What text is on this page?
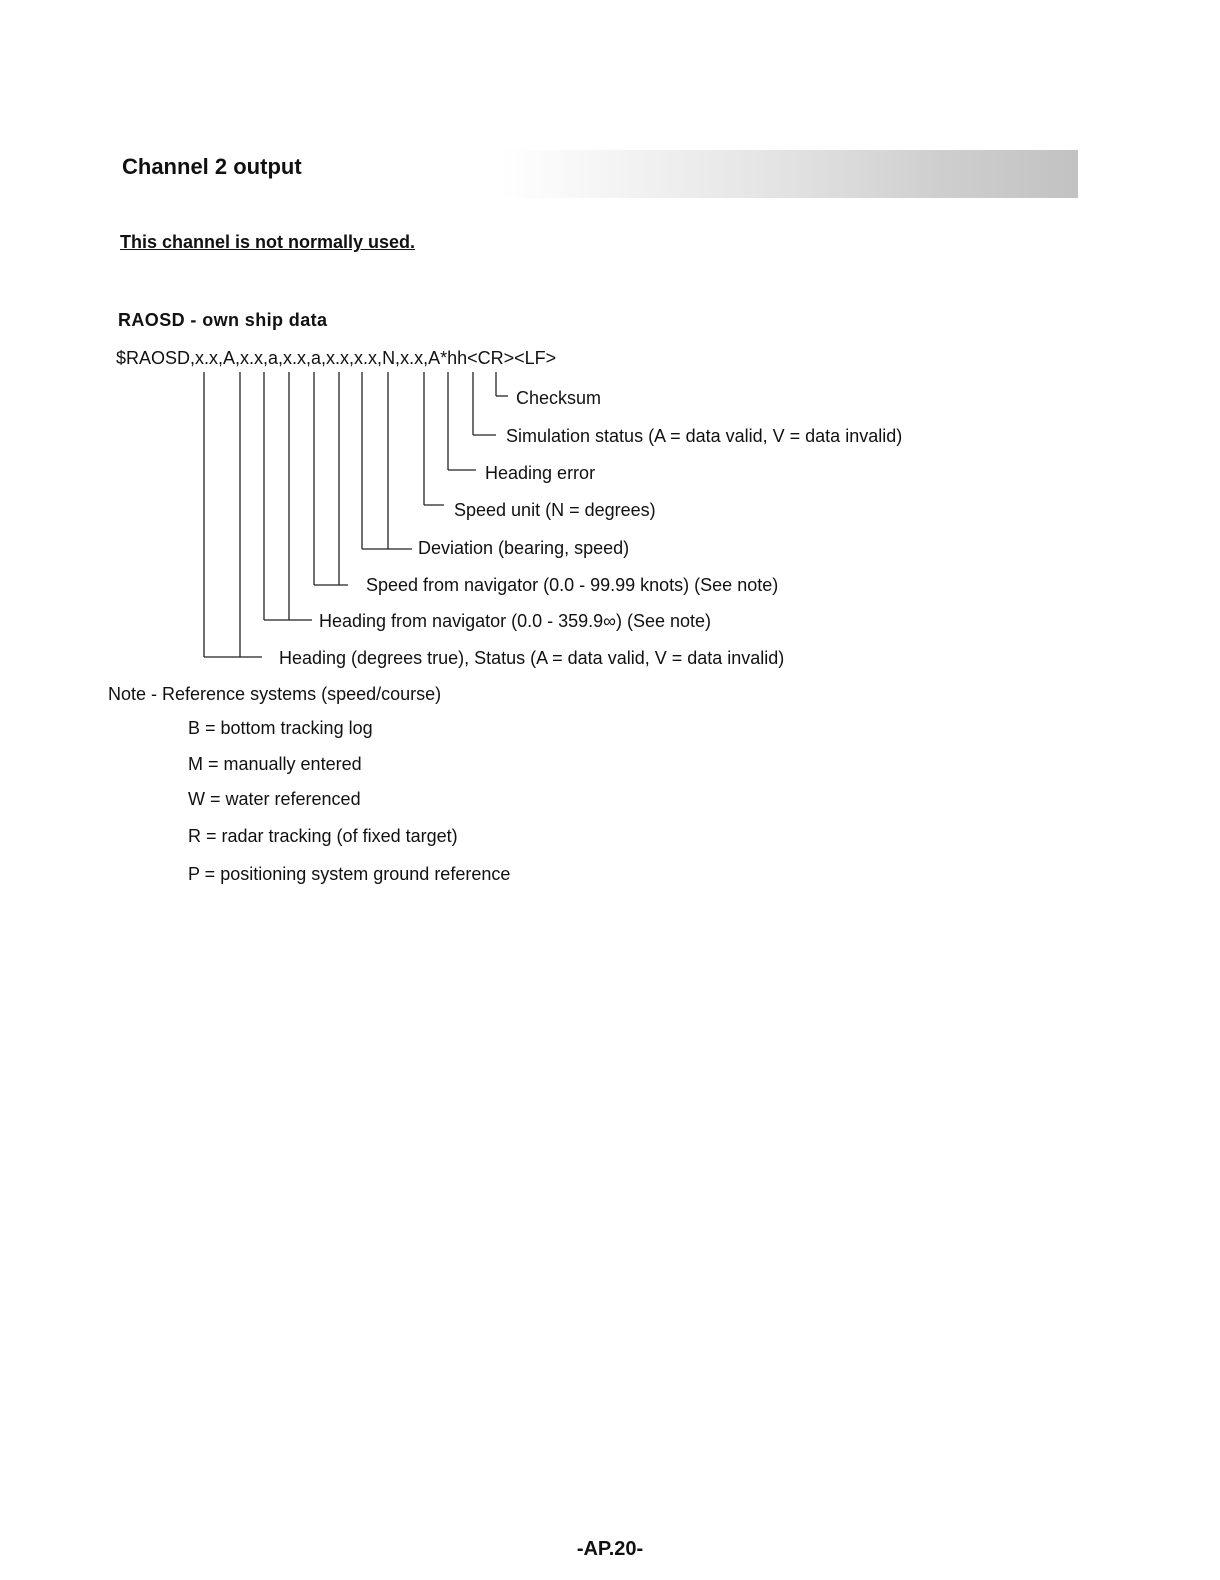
Channel 2 output
This channel is not normally used.
RAOSD - own ship data
$RAOSD,x.x,A,x.x,a,x.x,a,x.x,x.x,N,x.x,A*hh<CR><LF>
Checksum
Simulation status (A = data valid, V = data invalid)
Heading error
Speed unit (N = degrees)
Deviation (bearing, speed)
Speed from navigator (0.0 - 99.99 knots) (See note)
Heading from navigator (0.0 - 359.9∞) (See note)
Heading (degrees true), Status (A = data valid, V = data invalid)
Note - Reference systems (speed/course)
B = bottom tracking log
M = manually entered
W = water referenced
R = radar tracking (of fixed target)
P = positioning system ground reference
-AP.20-
